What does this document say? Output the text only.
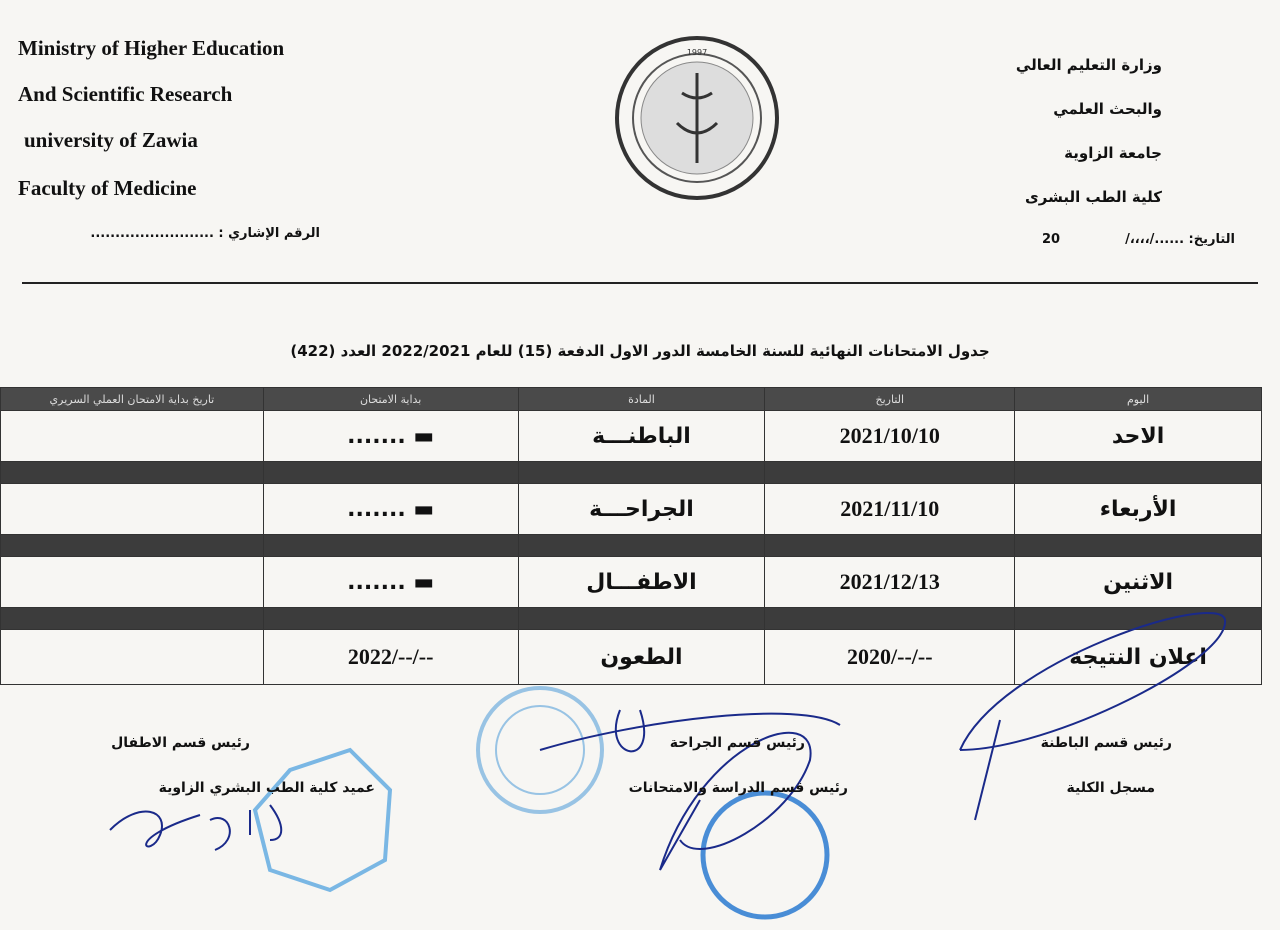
Ministry of Higher Education
And Scientific Research
university of Zawia
Faculty of Medicine
وزارة التعليم العالي
والبحث العلمي
جامعة الزاوية
كلية الطب البشرى
التاريخ: ....../،،،،/
20
الرقم الإشاري : .........................
1997
جدول الامتحانات النهائية للسنة الخامسة الدور الاول الدفعة (15) للعام 2022/2021 العدد (422)
اليوم	التاريخ	المادة	بداية الامتحان	تاريخ بداية الامتحان العملي السريري
الاحد	2021/10/10	الباطنـــة	▬ .......	

الأربعاء	2021/11/10	الجراحـــة	▬ .......	

الاثنين	2021/12/13	الاطفـــال	▬ .......	

اعلان النتيجة	--/--/2020	الطعون	--/--/2022	
رئيس قسم الباطنة
رئيس قسم الجراحة
رئيس قسم الاطفال
مسجل الكلية
رئيس قسم الدراسة والامتحانات
عميد كلية الطب البشري الزاوية
